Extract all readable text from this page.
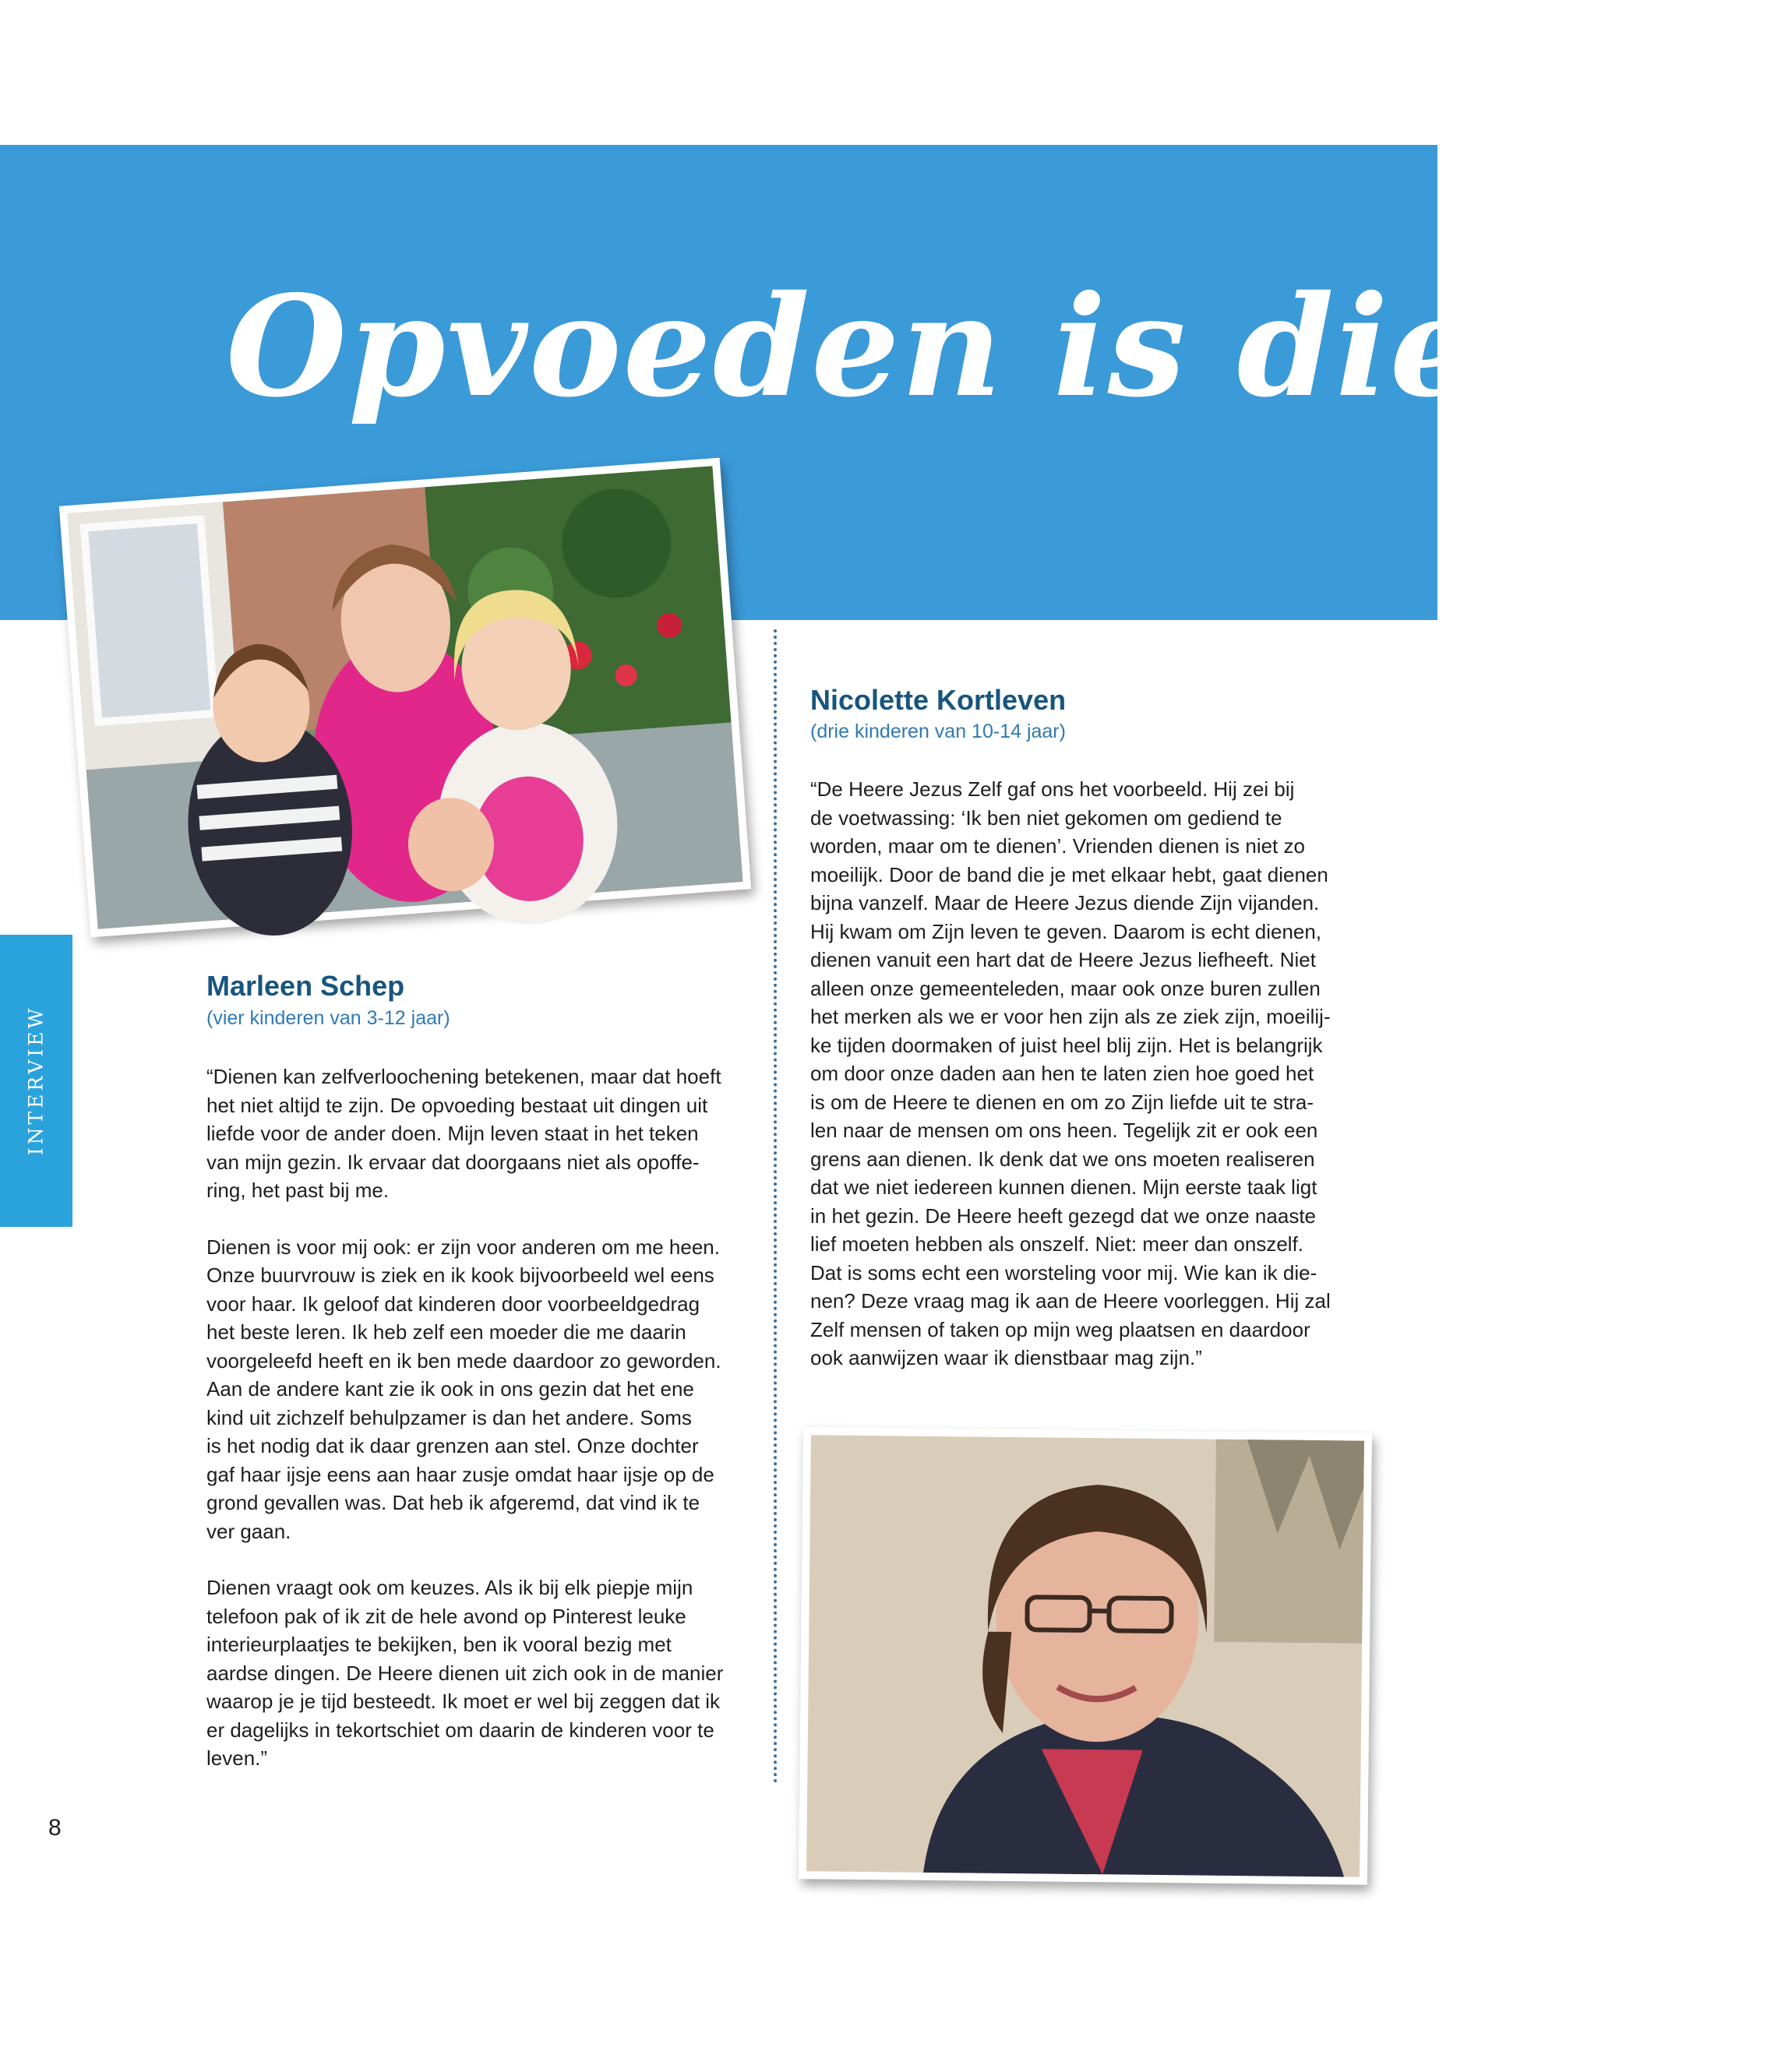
Opvoeden is dienen
INTERVIEW
Marleen Schep
(vier kinderen van 3-12 jaar)

“Dienen kan zelfverloochening betekenen, maar dat hoeft
het niet altijd te zijn. De opvoeding bestaat uit dingen uit
liefde voor de ander doen. Mijn leven staat in het teken
van mijn gezin. Ik ervaar dat doorgaans niet als opoffe-
ring, het past bij me.

Dienen is voor mij ook: er zijn voor anderen om me heen.
Onze buurvrouw is ziek en ik kook bijvoorbeeld wel eens
voor haar. Ik geloof dat kinderen door voorbeeldgedrag
het beste leren. Ik heb zelf een moeder die me daarin
voorgeleefd heeft en ik ben mede daardoor zo geworden.
Aan de andere kant zie ik ook in ons gezin dat het ene
kind uit zichzelf behulpzamer is dan het andere. Soms
is het nodig dat ik daar grenzen aan stel. Onze dochter
gaf haar ijsje eens aan haar zusje omdat haar ijsje op de
grond gevallen was. Dat heb ik afgeremd, dat vind ik te
ver gaan.

Dienen vraagt ook om keuzes. Als ik bij elk piepje mijn
telefoon pak of ik zit de hele avond op Pinterest leuke
interieurplaatjes te bekijken, ben ik vooral bezig met
aardse dingen. De Heere dienen uit zich ook in de manier
waarop je je tijd besteedt. Ik moet er wel bij zeggen dat ik
er dagelijks in tekortschiet om daarin de kinderen voor te
leven.”

Nicolette Kortleven
(drie kinderen van 10-14 jaar)

“De Heere Jezus Zelf gaf ons het voorbeeld. Hij zei bij
de voetwassing: ‘Ik ben niet gekomen om gediend te
worden, maar om te dienen’. Vrienden dienen is niet zo
moeilijk. Door de band die je met elkaar hebt, gaat dienen
bijna vanzelf. Maar de Heere Jezus diende Zijn vijanden.
Hij kwam om Zijn leven te geven. Daarom is echt dienen,
dienen vanuit een hart dat de Heere Jezus liefheeft. Niet
alleen onze gemeenteleden, maar ook onze buren zullen
het merken als we er voor hen zijn als ze ziek zijn, moeilij-
ke tijden doormaken of juist heel blij zijn. Het is belangrijk
om door onze daden aan hen te laten zien hoe goed het
is om de Heere te dienen en om zo Zijn liefde uit te stra-
len naar de mensen om ons heen. Tegelijk zit er ook een
grens aan dienen. Ik denk dat we ons moeten realiseren
dat we niet iedereen kunnen dienen. Mijn eerste taak ligt
in het gezin. De Heere heeft gezegd dat we onze naaste
lief moeten hebben als onszelf. Niet: meer dan onszelf.
Dat is soms echt een worsteling voor mij. Wie kan ik die-
nen? Deze vraag mag ik aan de Heere voorleggen. Hij zal
Zelf mensen of taken op mijn weg plaatsen en daardoor
ook aanwijzen waar ik dienstbaar mag zijn.”

8
